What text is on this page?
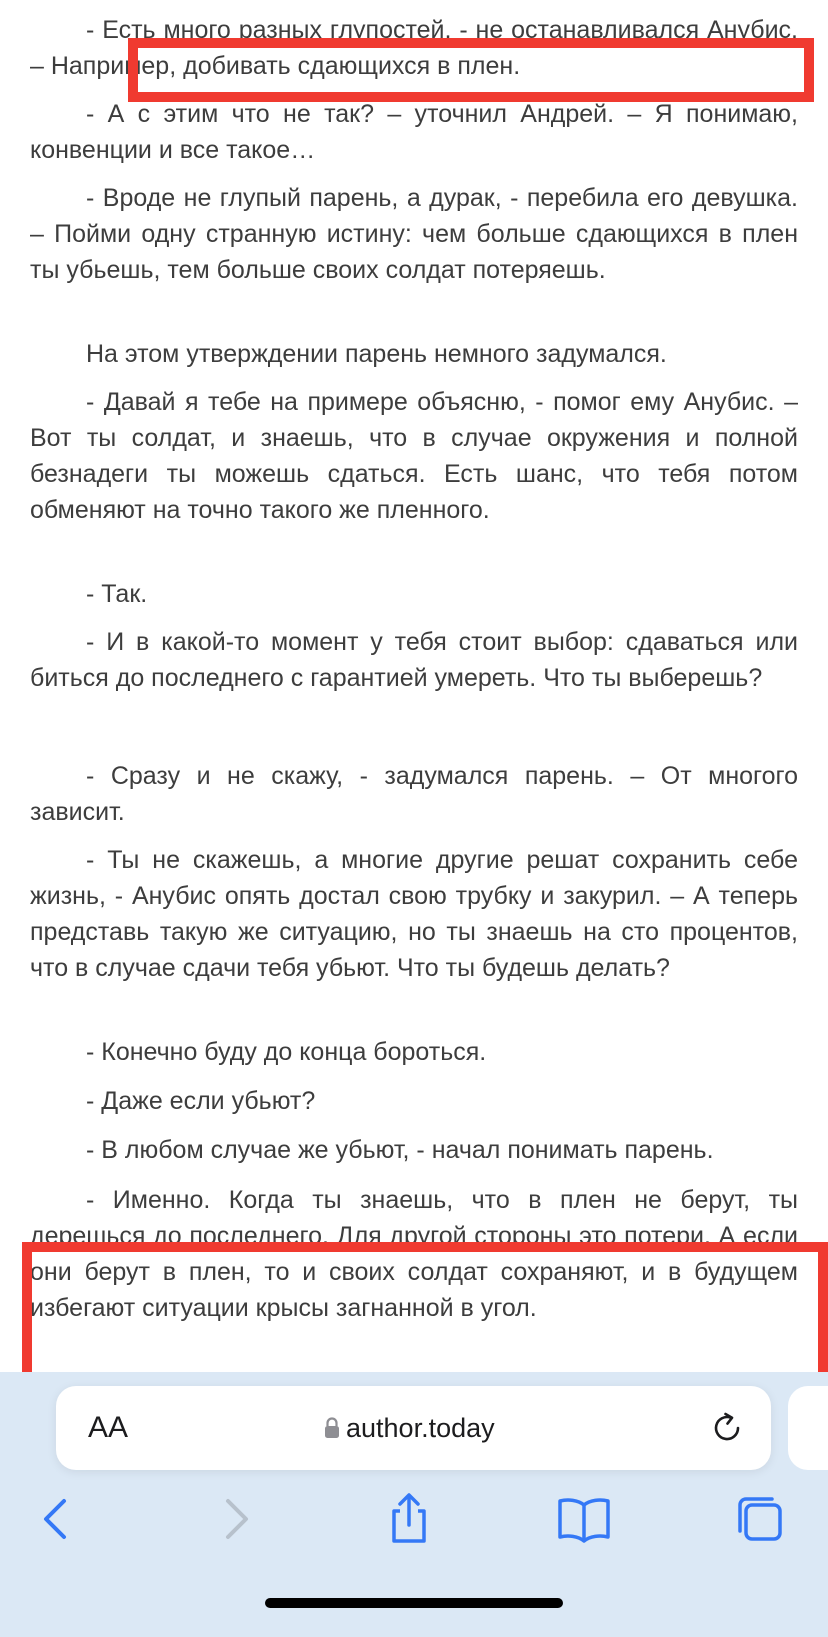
- Есть много разных глупостей, - не останавливался Анубис. – Например, добивать сдающихся в плен.

- А с этим что не так? – уточнил Андрей. – Я понимаю, конвенции и все такое…

- Вроде не глупый парень, а дурак, - перебила его девушка. – Пойми одну странную истину: чем больше сдающихся в плен ты убьешь, тем больше своих солдат потеряешь.

На этом утверждении парень немного задумался.

- Давай я тебе на примере объясню, - помог ему Анубис. – Вот ты солдат, и знаешь, что в случае окружения и полной безнадеги ты можешь сдаться. Есть шанс, что тебя потом обменяют на точно такого же пленного.

- Так.

- И в какой-то момент у тебя стоит выбор: сдаваться или биться до последнего с гарантией умереть. Что ты выберешь?

- Сразу и не скажу, - задумался парень. – От многого зависит.

- Ты не скажешь, а многие другие решат сохранить себе жизнь, - Анубис опять достал свою трубку и закурил. – А теперь представь такую же ситуацию, но ты знаешь на сто процентов, что в случае сдачи тебя убьют. Что ты будешь делать?

- Конечно буду до конца бороться.

- Даже если убьют?

- В любом случае же убьют, - начал понимать парень.

- Именно. Когда ты знаешь, что в плен не берут, ты дерешься до последнего. Для другой стороны это потери. А если они берут в плен, то и своих солдат сохраняют, и в будущем избегают ситуации крысы загнанной в угол.

AA	author.today
